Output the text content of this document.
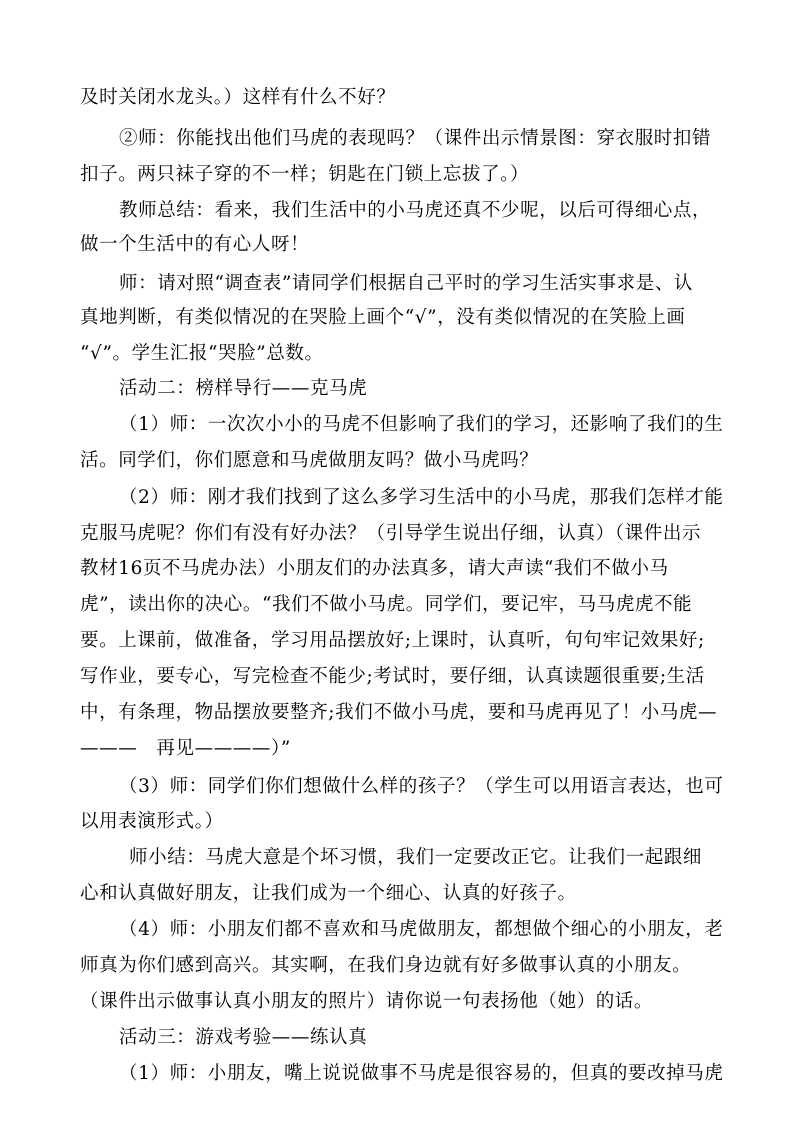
及时关闭水龙头。）这样有什么不好？
②师：你能找出他们马虎的表现吗？（课件出示情景图：穿衣服时扣错
扣子。两只袜子穿的不一样；钥匙在门锁上忘拔了。）
教师总结：看来，我们生活中的小马虎还真不少呢，以后可得细心点，
做一个生活中的有心人呀！
师：请对照“调查表”请同学们根据自己平时的学习生活实事求是、认
真地判断，有类似情况的在哭脸上画个“√”，没有类似情况的在笑脸上画
“√”。学生汇报“哭脸”总数。
活动二：榜样导行——克马虎
（1）师：一次次小小的马虎不但影响了我们的学习，还影响了我们的生
活。同学们，你们愿意和马虎做朋友吗？做小马虎吗？
（2）师：刚才我们找到了这么多学习生活中的小马虎，那我们怎样才能
克服马虎呢？你们有没有好办法？（引导学生说出仔细，认真）（课件出示
教材16页不马虎办法）小朋友们的办法真多，请大声读“我们不做小马
虎”，读出你的决心。“我们不做小马虎。同学们，要记牢，马马虎虎不能
要。上课前，做准备，学习用品摆放好;上课时，认真听，句句牢记效果好;
写作业，要专心，写完检查不能少;考试时，要仔细，认真读题很重要;生活
中，有条理，物品摆放要整齐;我们不做小马虎，要和马虎再见了！小马虎—
———　再见————）”
（3）师：同学们你们想做什么样的孩子？（学生可以用语言表达，也可
以用表演形式。）
师小结：马虎大意是个坏习惯，我们一定要改正它。让我们一起跟细
心和认真做好朋友，让我们成为一个细心、认真的好孩子。
（4）师：小朋友们都不喜欢和马虎做朋友，都想做个细心的小朋友，老
师真为你们感到高兴。其实啊，在我们身边就有好多做事认真的小朋友。
（课件出示做事认真小朋友的照片）请你说一句表扬他（她）的话。
活动三：游戏考验——练认真
（1）师：小朋友，嘴上说说做事不马虎是很容易的，但真的要改掉马虎
